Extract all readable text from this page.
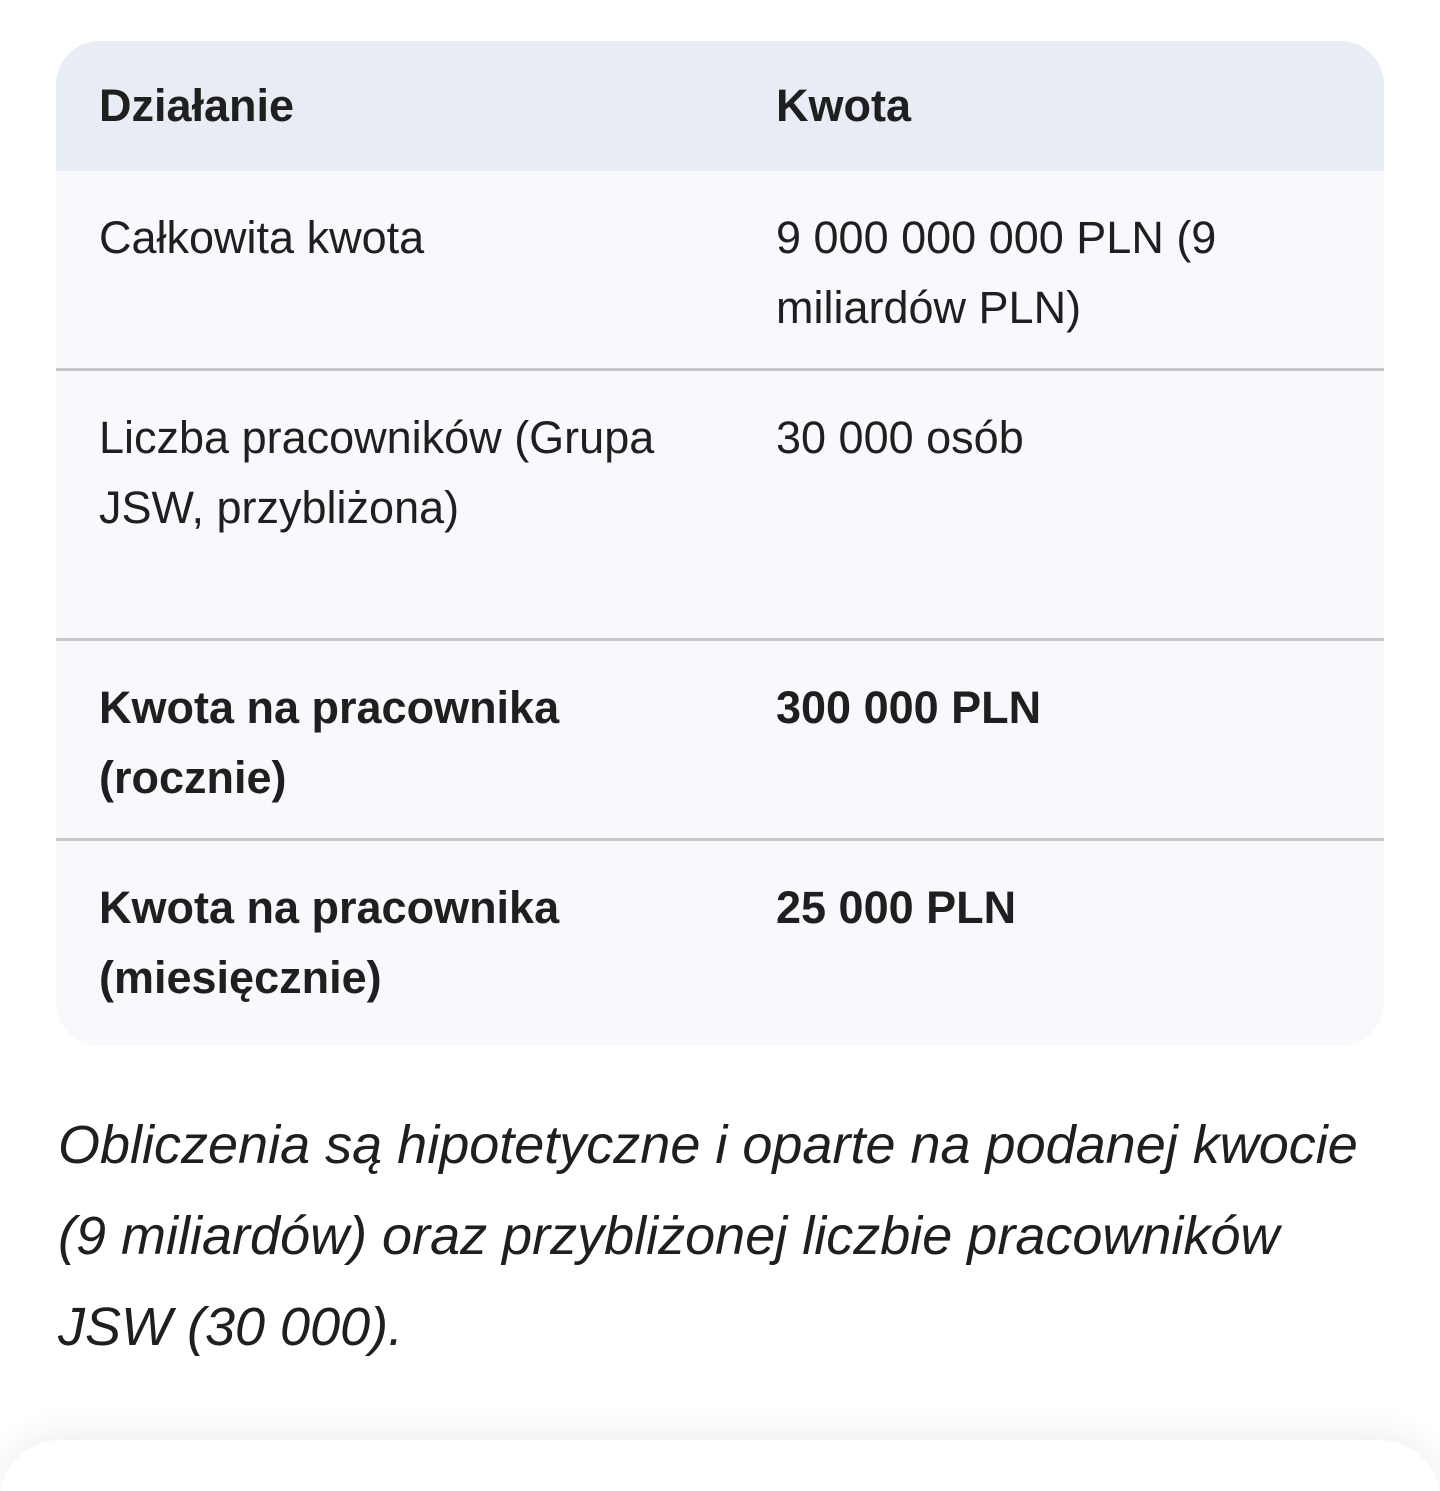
Działanie	Kwota
Całkowita kwota	9 000 000 000 PLN (9 miliardów PLN)
Liczba pracowników (Grupa JSW, przybliżona)	30 000 osób
Kwota na pracownika (rocznie)	300 000 PLN
Kwota na pracownika (miesięcznie)	25 000 PLN
Obliczenia są hipotetyczne i oparte na podanej kwocie (9 miliardów) oraz przybliżonej liczbie pracowników JSW (30 000).
